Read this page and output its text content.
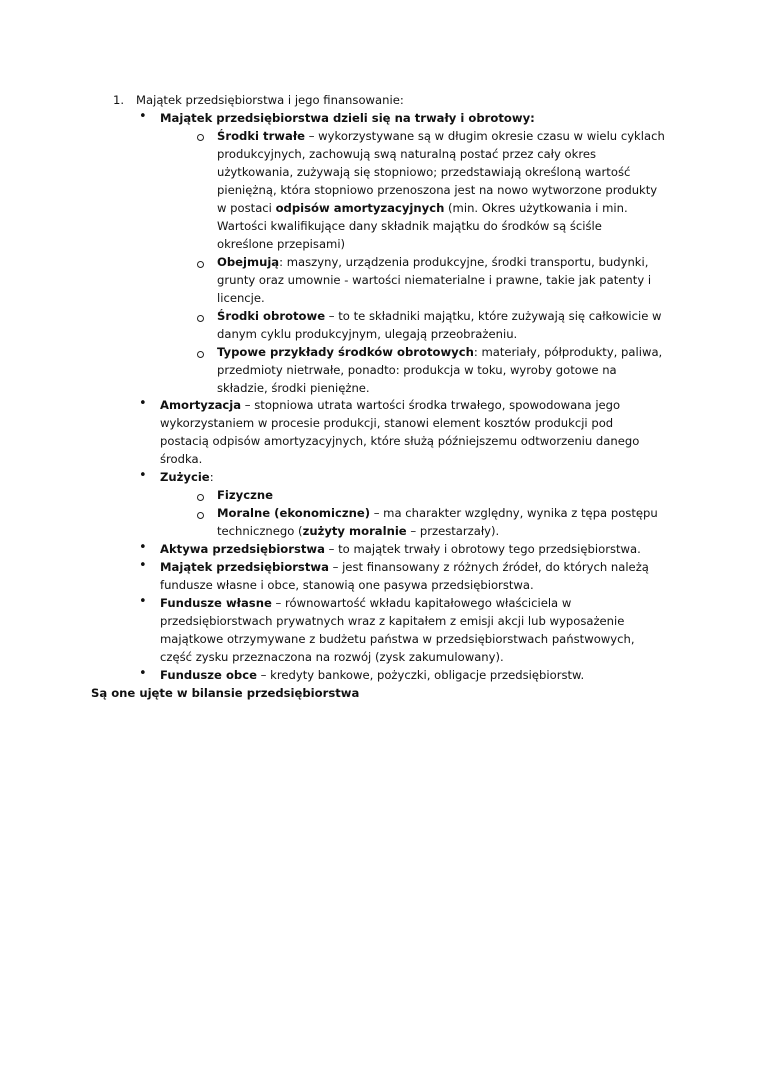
1. Majątek przedsiębiorstwa i jego finansowanie:
• Majątek przedsiębiorstwa dzieli się na trwały i obrotowy:
Środki trwałe – wykorzystywane są w długim okresie czasu w wielu cyklach
produkcyjnych, zachowują swą naturalną postać przez cały okres
użytkowania, zużywają się stopniowo; przedstawiają określoną wartość
pieniężną, która stopniowo przenoszona jest na nowo wytworzone produkty
w postaci odpisów amortyzacyjnych (min. Okres użytkowania i min.
Wartości kwalifikujące dany składnik majątku do środków są ściśle
określone przepisami)
Obejmują: maszyny, urządzenia produkcyjne, środki transportu, budynki,
grunty oraz umownie - wartości niematerialne i prawne, takie jak patenty i
licencje.
Środki obrotowe – to te składniki majątku, które zużywają się całkowicie w
danym cyklu produkcyjnym, ulegają przeobrażeniu.
Typowe przykłady środków obrotowych: materiały, półprodukty, paliwa,
przedmioty nietrwałe, ponadto: produkcja w toku, wyroby gotowe na
składzie, środki pieniężne.
• Amortyzacja – stopniowa utrata wartości środka trwałego, spowodowana jego
wykorzystaniem w procesie produkcji, stanowi element kosztów produkcji pod
postacią odpisów amortyzacyjnych, które służą późniejszemu odtworzeniu danego
środka.
• Zużycie:
Fizyczne
Moralne (ekonomiczne) – ma charakter względny, wynika z tępa postępu
technicznego (zużyty moralnie – przestarzały).
• Aktywa przedsiębiorstwa – to majątek trwały i obrotowy tego przedsiębiorstwa.
• Majątek przedsiębiorstwa – jest finansowany z różnych źródeł, do których należą
fundusze własne i obce, stanowią one pasywa przedsiębiorstwa.
• Fundusze własne – równowartość wkładu kapitałowego właściciela w
przedsiębiorstwach prywatnych wraz z kapitałem z emisji akcji lub wyposażenie
majątkowe otrzymywane z budżetu państwa w przedsiębiorstwach państwowych,
część zysku przeznaczona na rozwój (zysk zakumulowany).
• Fundusze obce – kredyty bankowe, pożyczki, obligacje przedsiębiorstw.
Są one ujęte w bilansie przedsiębiorstwa
